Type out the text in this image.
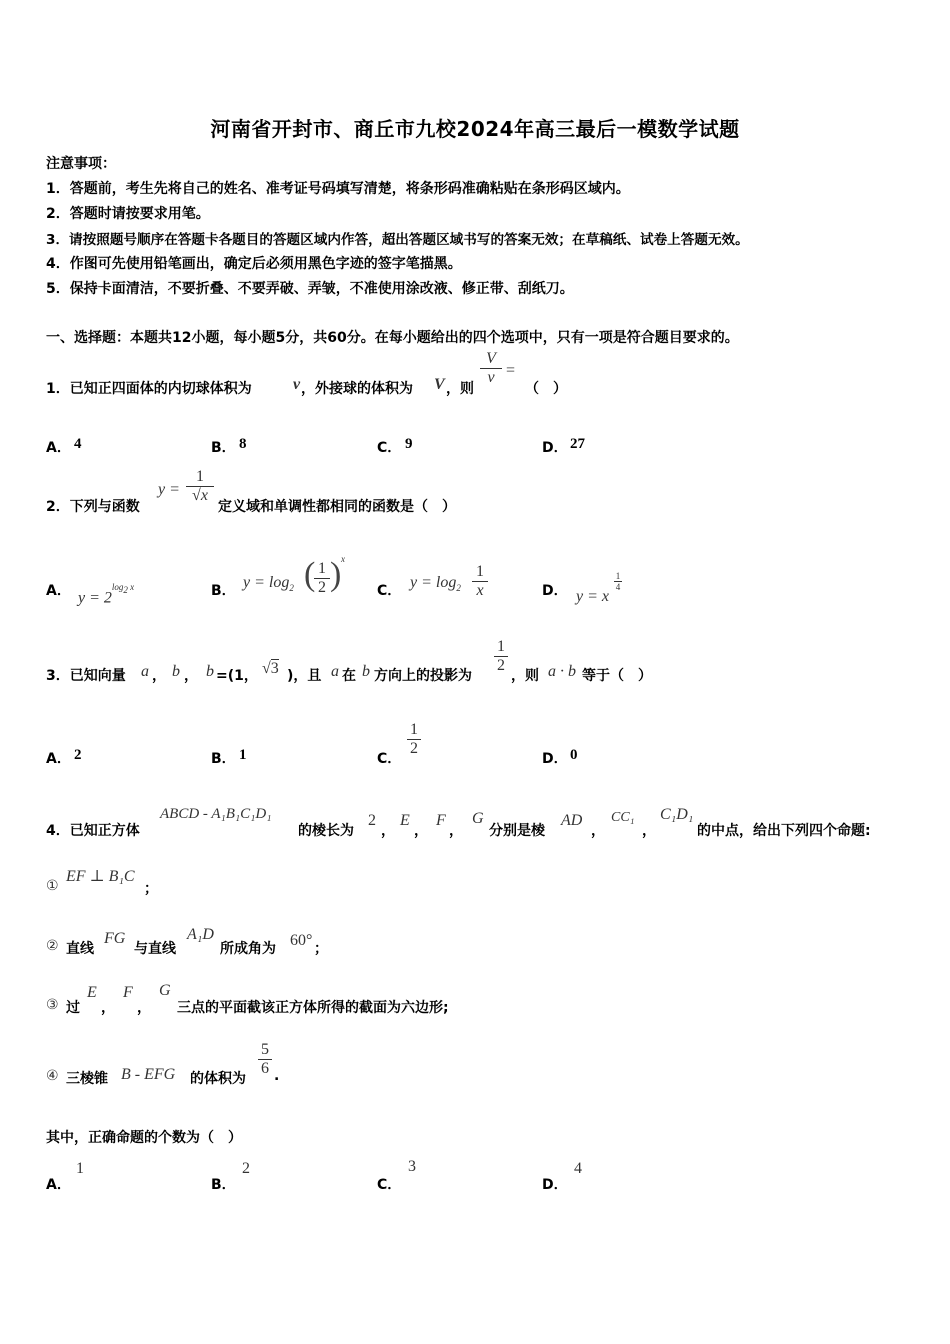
河南省开封市、商丘市九校2024年高三最后一模数学试题
注意事项：
1．答题前，考生先将自己的姓名、准考证号码填写清楚，将条形码准确粘贴在条形码区域内。
2．答题时请按要求用笔。
3．请按照题号顺序在答题卡各题目的答题区域内作答，超出答题区域书写的答案无效；在草稿纸、试卷上答题无效。
4．作图可先使用铅笔画出，确定后必须用黑色字迹的签字笔描黑。
5．保持卡面清洁，不要折叠、不要弄破、弄皱，不准使用涂改液、修正带、刮纸刀。
一、选择题：本题共12小题，每小题5分，共60分。在每小题给出的四个选项中，只有一项是符合题目要求的。
1．已知正四面体的内切球体积为	v ，外接球的体积为 V ，则
V
v =
（　）
A． 4	B． 8	C． 9	D． 27
2．下列与函数
y =
1
√x
定义域和单调性都相同的函数是（　）
A． $y = 2^{log_2 x}$	B． $y = \log_2$ ( 1
2 ) x
C． $y = \log_2$
1
x	D． y = x
1
4
3．已知向量 a ， b ， b =(1， √3 )，且 a 在 b 方向上的投影为
1
2
，则 a · b 等于（　）
A． 2	B． 1	C．
1
2
D． 0
4．已知正方体
ABCD - A₁B₁C₁D₁
的棱长为
2
，
E
，
F
，
G
分别是棱
AD
，
CC₁
，
C₁D₁
的中点，给出下列四个命题:
①
EF ⊥ B₁C
；
② 直线
FG
与直线
A₁D
所成角为 60° ；
③ 过
E
，
F
，
G
三点的平面截该正方体所得的截面为六边形;
④ 三棱锥 B - EFG 的体积为
5
6 .
其中，正确命题的个数为（　）
A．
1
B．
2
C．
3
D．
4
